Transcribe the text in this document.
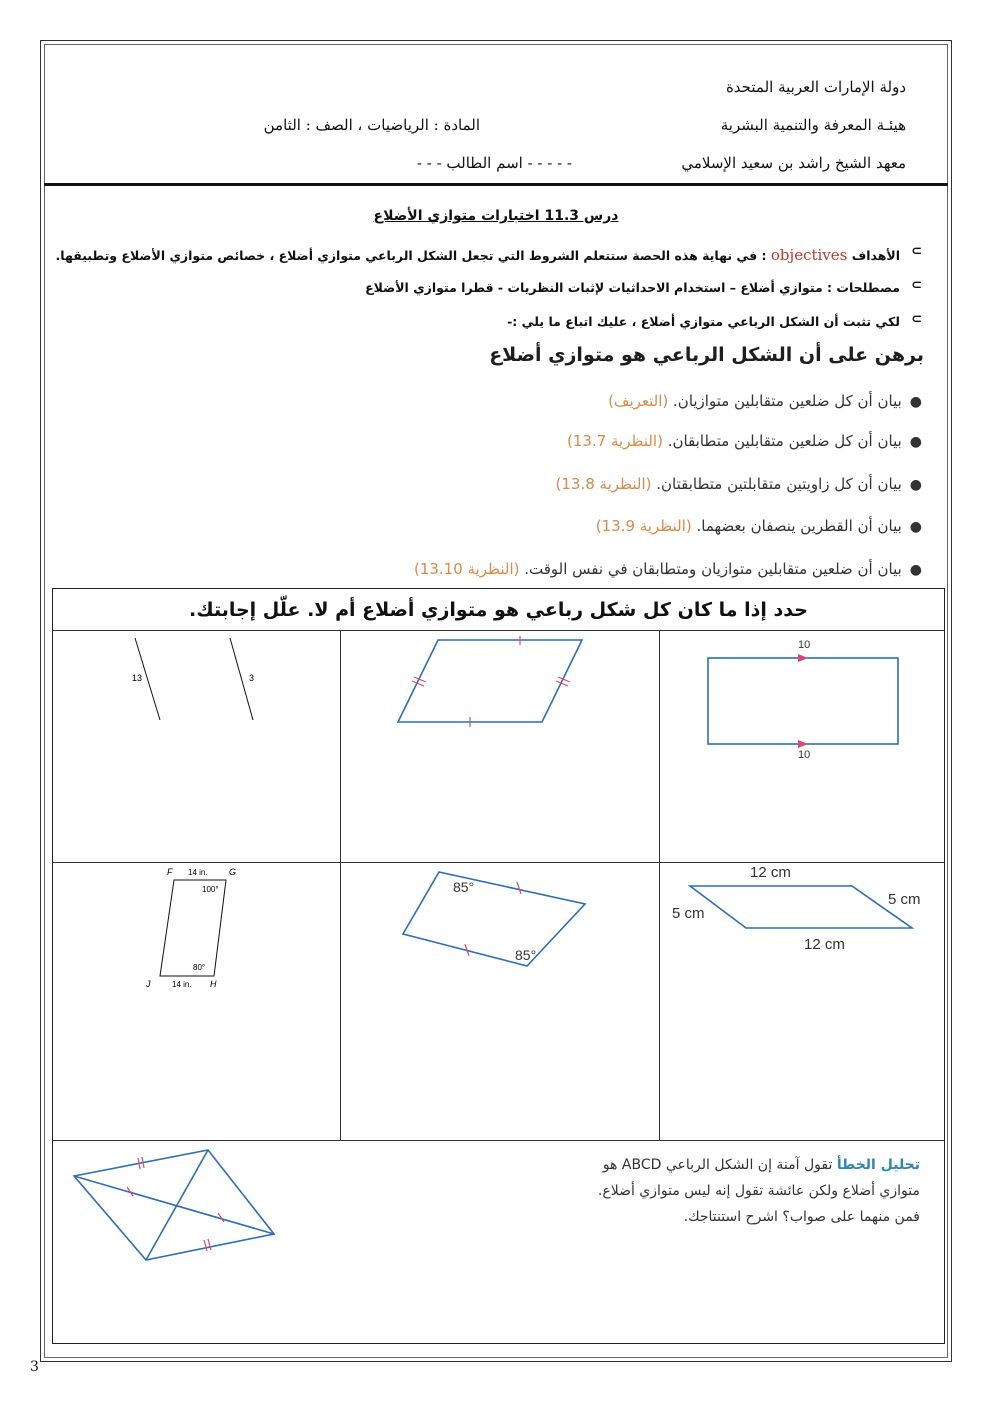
دولة الإمارات العربية المتحدة
هيئـة المعرفة والتنمية البشرية
معهد الشيخ راشد بن سعيد الإسلامي
المادة : الرياضيات ، الصف : الثامن
- - - - - اسم الطالب - - -
درس 11.3 اختبارات متوازي الأضلاع
⊂
الأهداف objectives : في نهاية هذه الحصة ستتعلم الشروط التي تجعل الشكل الرباعي متوازي أضلاع ، خصائص متوازي الأضلاع وتطبيقها.
⊂
مصطلحات : متوازي أضلاع – استخدام الاحداثيات لإثبات النظريات - قطرا متوازي الأضلاع
⊂
لكي تثبت أن الشكل الرباعي متوازي أضلاع ، عليك اتباع ما يلي :-
برهن على أن الشكل الرباعي هو متوازي أضلاع
●بيان أن كل ضلعين متقابلين متوازيان. (التعريف)
●بيان أن كل ضلعين متقابلين متطابقان. (النظرية 13.7)
●بيان أن كل زاويتين متقابلتين متطابقتان. (النظرية 13.8)
●بيان أن القطرين ينصفان بعضهما. (النظرية 13.9)
●بيان أن ضلعين متقابلين متوازيان ومتطابقان في نفس الوقت. (النظرية 13.10)
حدد إذا ما كان كل شكل رباعي هو متوازي أضلاع أم لا. علّل إجابتك.
13	3
10
10
F	G
H
J
14 in.
14 in.
100°
80°
85°
85°
12 cm
12 cm
5 cm
5 cm
تحليل الخطأ تقول آمنة إن الشكل الرباعي ABCD هو
متوازي أضلاع ولكن عائشة تقول إنه ليس متوازي أضلاع.
فمن منهما على صواب؟ اشرح استنتاجك.
3
